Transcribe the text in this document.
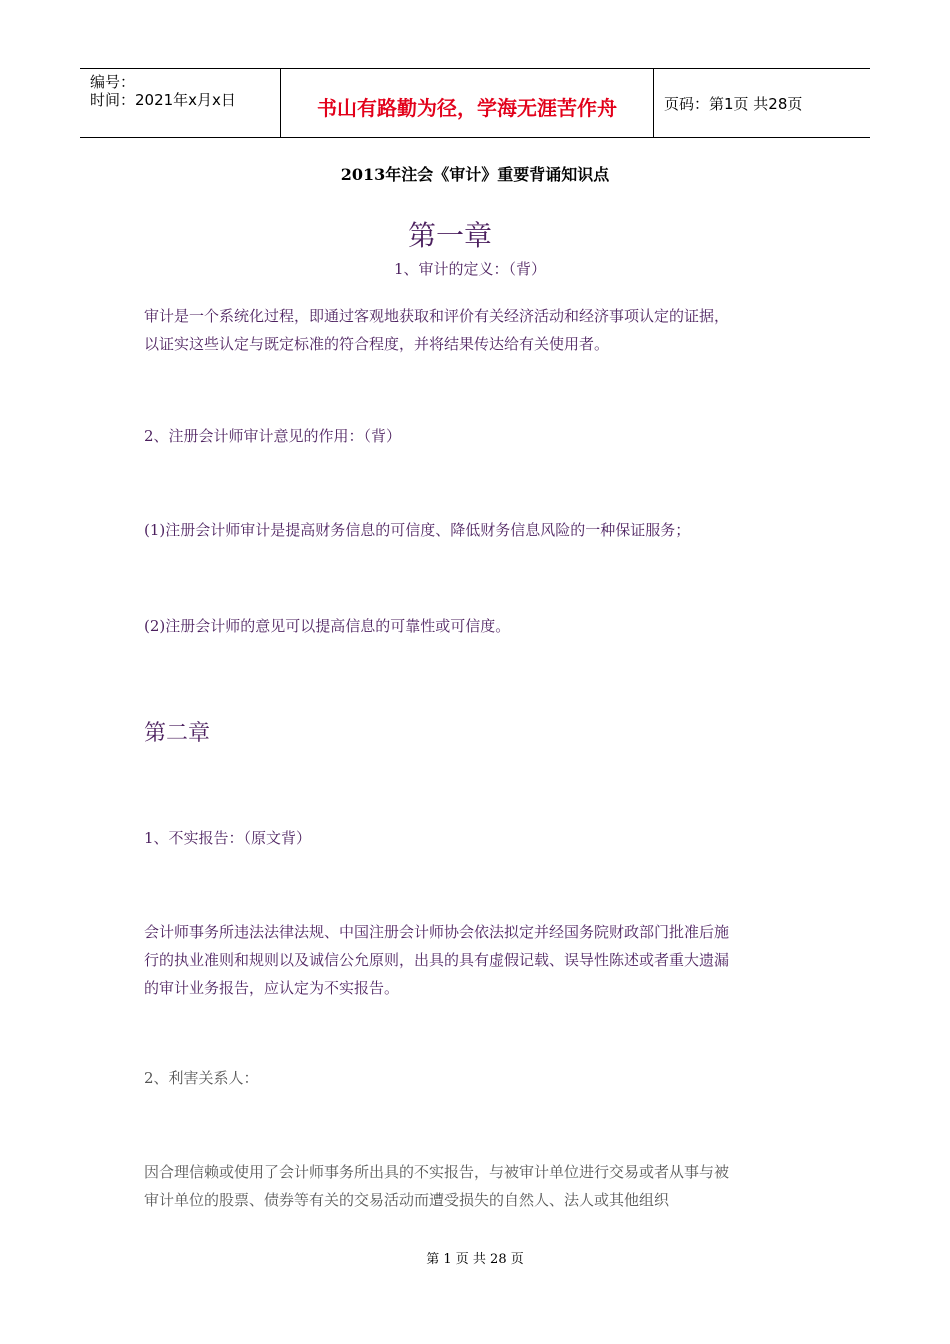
编号：
时间：2021年x月x日	书山有路勤为径，学海无涯苦作舟	页码：第1页 共28页
2013年注会《审计》重要背诵知识点
第一章
1、审计的定义：（背）
审计是一个系统化过程，即通过客观地获取和评价有关经济活动和经济事项认定的证据，
以证实这些认定与既定标准的符合程度，并将结果传达给有关使用者。
2、注册会计师审计意见的作用：（背）
(1)注册会计师审计是提高财务信息的可信度、降低财务信息风险的一种保证服务；
(2)注册会计师的意见可以提高信息的可靠性或可信度。
第二章
1、不实报告：（原文背）
会计师事务所违法法律法规、中国注册会计师协会依法拟定并经国务院财政部门批准后施
行的执业准则和规则以及诚信公允原则，出具的具有虚假记载、误导性陈述或者重大遗漏
的审计业务报告，应认定为不实报告。
2、利害关系人：
因合理信赖或使用了会计师事务所出具的不实报告，与被审计单位进行交易或者从事与被
审计单位的股票、债券等有关的交易活动而遭受损失的自然人、法人或其他组织
第 1 页 共 28 页
